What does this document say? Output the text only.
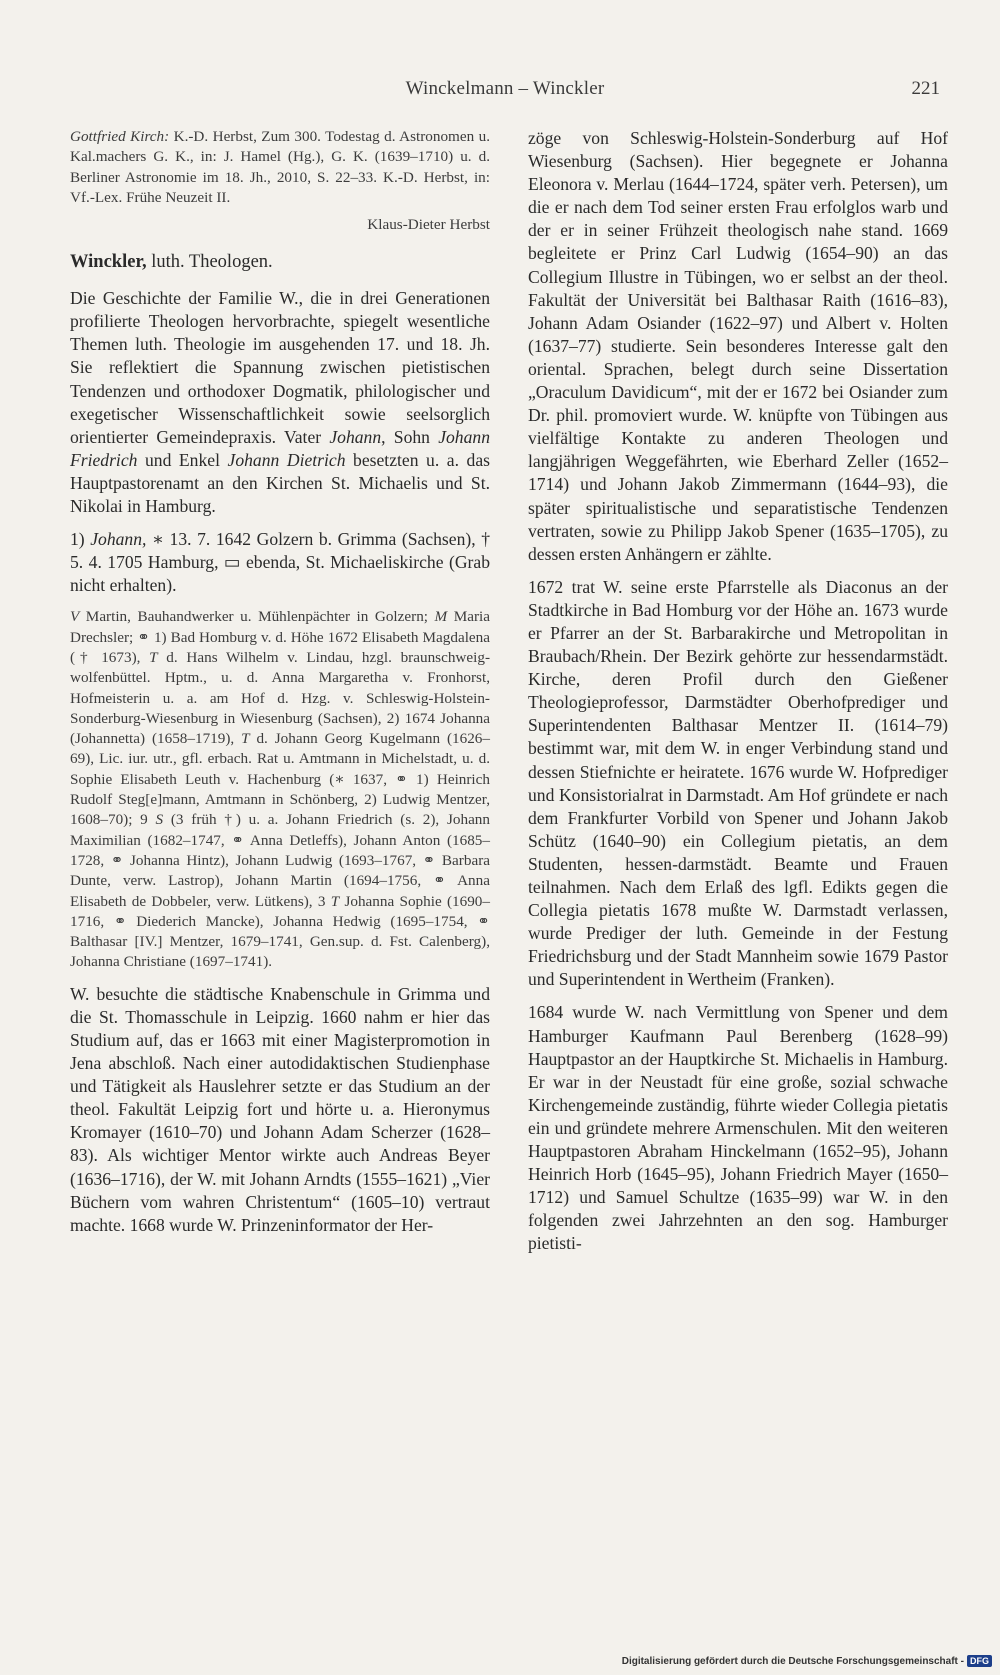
Winckelmann – Winckler	221

Gottfried Kirch: K.-D. Herbst, Zum 300. Todestag d. Astronomen u. Kal.machers G. K., in: J. Hamel (Hg.), G. K. (1639–1710) u. d. Berliner Astronomie im 18. Jh., 2010, S. 22–33. K.-D. Herbst, in: Vf.-Lex. Frühe Neuzeit II.

Klaus-Dieter Herbst

Winckler, luth. Theologen.

Die Geschichte der Familie W., die in drei Generationen profilierte Theologen hervorbrachte, spiegelt wesentliche Themen luth. Theologie im ausgehenden 17. und 18. Jh. Sie reflektiert die Spannung zwischen pietistischen Tendenzen und orthodoxer Dogmatik, philologischer und exegetischer Wissenschaftlichkeit sowie seelsorglich orientierter Gemeindepraxis. Vater Johann, Sohn Johann Friedrich und Enkel Johann Dietrich besetzten u. a. das Hauptpastorenamt an den Kirchen St. Michaelis und St. Nikolai in Hamburg.

1) Johann, ∗ 13. 7. 1642 Golzern b. Grimma (Sachsen), † 5. 4. 1705 Hamburg, ▭ ebenda, St. Michaeliskirche (Grab nicht erhalten).

V Martin, Bauhandwerker u. Mühlenpächter in Golzern; M Maria Drechsler; ⚭ 1) Bad Homburg v. d. Höhe 1672 Elisabeth Magdalena († 1673), T d. Hans Wilhelm v. Lindau, hzgl. braunschweig-wolfenbüttel. Hptm., u. d. Anna Margaretha v. Fronhorst, Hofmeisterin u. a. am Hof d. Hzg. v. Schleswig-Holstein-Sonderburg-Wiesenburg in Wiesenburg (Sachsen), 2) 1674 Johanna (Johannetta) (1658–1719), T d. Johann Georg Kugelmann (1626–69), Lic. iur. utr., gfl. erbach. Rat u. Amtmann in Michelstadt, u. d. Sophie Elisabeth Leuth v. Hachenburg (∗ 1637, ⚭ 1) Heinrich Rudolf Steg[e]mann, Amtmann in Schönberg, 2) Ludwig Mentzer, 1608–70); 9 S (3 früh †) u. a. Johann Friedrich (s. 2), Johann Maximilian (1682–1747, ⚭ Anna Detleffs), Johann Anton (1685–1728, ⚭ Johanna Hintz), Johann Ludwig (1693–1767, ⚭ Barbara Dunte, verw. Lastrop), Johann Martin (1694–1756, ⚭ Anna Elisabeth de Dobbeler, verw. Lütkens), 3 T Johanna Sophie (1690–1716, ⚭ Diederich Mancke), Johanna Hedwig (1695–1754, ⚭ Balthasar [IV.] Mentzer, 1679–1741, Gen.sup. d. Fst. Calenberg), Johanna Christiane (1697–1741).

W. besuchte die städtische Knabenschule in Grimma und die St. Thomasschule in Leipzig. 1660 nahm er hier das Studium auf, das er 1663 mit einer Magisterpromotion in Jena abschloß. Nach einer autodidaktischen Studienphase und Tätigkeit als Hauslehrer setzte er das Studium an der theol. Fakultät Leipzig fort und hörte u. a. Hieronymus Kromayer (1610–70) und Johann Adam Scherzer (1628–83). Als wichtiger Mentor wirkte auch Andreas Beyer (1636–1716), der W. mit Johann Arndts (1555–1621) „Vier Büchern vom wahren Christentum“ (1605–10) vertraut machte. 1668 wurde W. Prinzeninformator der Her-

zöge von Schleswig-Holstein-Sonderburg auf Hof Wiesenburg (Sachsen). Hier begegnete er Johanna Eleonora v. Merlau (1644–1724, später verh. Petersen), um die er nach dem Tod seiner ersten Frau erfolglos warb und der er in seiner Frühzeit theologisch nahe stand. 1669 begleitete er Prinz Carl Ludwig (1654–90) an das Collegium Illustre in Tübingen, wo er selbst an der theol. Fakultät der Universität bei Balthasar Raith (1616–83), Johann Adam Osiander (1622–97) und Albert v. Holten (1637–77) studierte. Sein besonderes Interesse galt den oriental. Sprachen, belegt durch seine Dissertation „Oraculum Davidicum“, mit der er 1672 bei Osiander zum Dr. phil. promoviert wurde. W. knüpfte von Tübingen aus vielfältige Kontakte zu anderen Theologen und langjährigen Weggefährten, wie Eberhard Zeller (1652–1714) und Johann Jakob Zimmermann (1644–93), die später spiritualistische und separatistische Tendenzen vertraten, sowie zu Philipp Jakob Spener (1635–1705), zu dessen ersten Anhängern er zählte.

1672 trat W. seine erste Pfarrstelle als Diaconus an der Stadtkirche in Bad Homburg vor der Höhe an. 1673 wurde er Pfarrer an der St. Barbarakirche und Metropolitan in Braubach/Rhein. Der Bezirk gehörte zur hessendarmstädt. Kirche, deren Profil durch den Gießener Theologieprofessor, Darmstädter Oberhofprediger und Superintendenten Balthasar Mentzer II. (1614–79) bestimmt war, mit dem W. in enger Verbindung stand und dessen Stiefnichte er heiratete. 1676 wurde W. Hofprediger und Konsistorialrat in Darmstadt. Am Hof gründete er nach dem Frankfurter Vorbild von Spener und Johann Jakob Schütz (1640–90) ein Collegium pietatis, an dem Studenten, hessen-darmstädt. Beamte und Frauen teilnahmen. Nach dem Erlaß des lgfl. Edikts gegen die Collegia pietatis 1678 mußte W. Darmstadt verlassen, wurde Prediger der luth. Gemeinde in der Festung Friedrichsburg und der Stadt Mannheim sowie 1679 Pastor und Superintendent in Wertheim (Franken).

1684 wurde W. nach Vermittlung von Spener und dem Hamburger Kaufmann Paul Berenberg (1628–99) Hauptpastor an der Hauptkirche St. Michaelis in Hamburg. Er war in der Neustadt für eine große, sozial schwache Kirchengemeinde zuständig, führte wieder Collegia pietatis ein und gründete mehrere Armenschulen. Mit den weiteren Hauptpastoren Abraham Hinckelmann (1652–95), Johann Heinrich Horb (1645–95), Johann Friedrich Mayer (1650–1712) und Samuel Schultze (1635–99) war W. in den folgenden zwei Jahrzehnten an den sog. Hamburger pietisti-

Digitalisierung gefördert durch die Deutsche Forschungsgemeinschaft - DFG
